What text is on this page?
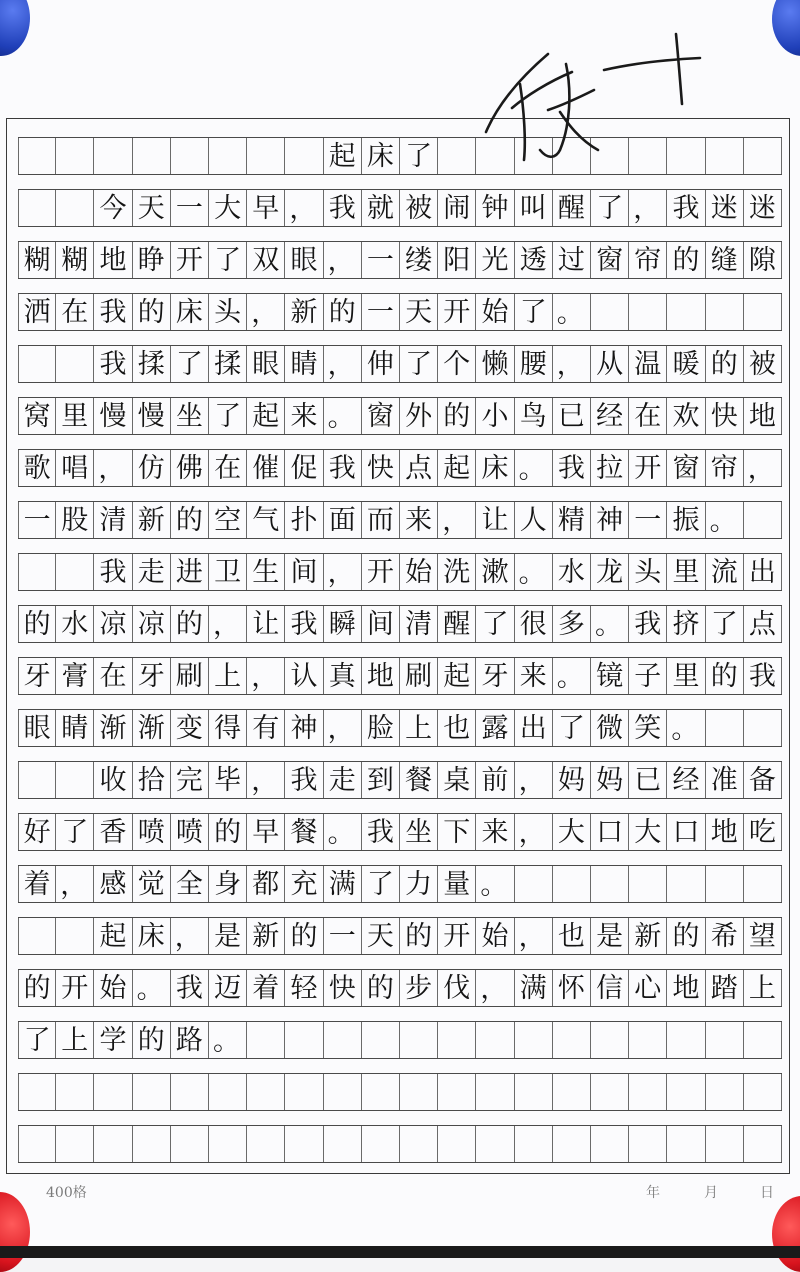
起 床 了
今 天 一 大 早 ， 我 就 被 闹 钟 叫 醒 了 ， 我 迷 迷
糊 糊 地 睁 开 了 双 眼 ， 一 缕 阳 光 透 过 窗 帘 的 缝 隙
洒 在 我 的 床 头 ， 新 的 一 天 开 始 了 。
我 揉 了 揉 眼 睛 ， 伸 了 个 懒 腰 ， 从 温 暖 的 被
窝 里 慢 慢 坐 了 起 来 。 窗 外 的 小 鸟 已 经 在 欢 快 地
歌 唱 ， 仿 佛 在 催 促 我 快 点 起 床 。 我 拉 开 窗 帘 ，
一 股 清 新 的 空 气 扑 面 而 来 ， 让 人 精 神 一 振 。
我 走 进 卫 生 间 ， 开 始 洗 漱 。 水 龙 头 里 流 出
的 水 凉 凉 的 ， 让 我 瞬 间 清 醒 了 很 多 。 我 挤 了 点
牙 膏 在 牙 刷 上 ， 认 真 地 刷 起 牙 来 。 镜 子 里 的 我
眼 睛 渐 渐 变 得 有 神 ， 脸 上 也 露 出 了 微 笑 。
收 拾 完 毕 ， 我 走 到 餐 桌 前 ， 妈 妈 已 经 准 备
好 了 香 喷 喷 的 早 餐 。 我 坐 下 来 ， 大 口 大 口 地 吃
着 ， 感 觉 全 身 都 充 满 了 力 量 。
起 床 ， 是 新 的 一 天 的 开 始 ， 也 是 新 的 希 望
的 开 始 。 我 迈 着 轻 快 的 步 伐 ， 满 怀 信 心 地 踏 上
了 上 学 的 路 。
400格	年	月	日
